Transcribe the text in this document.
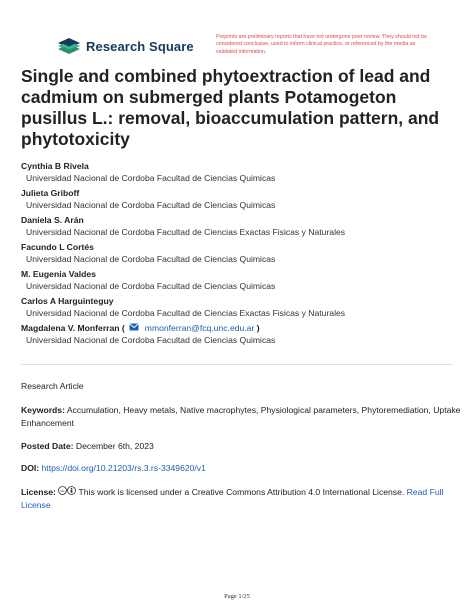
Research Square
Preprints are preliminary reports that have not undergone peer review. They should not be considered conclusive, used to inform clinical practice, or referenced by the media as validated information.
Single and combined phytoextraction of lead and cadmium on submerged plants Potamogeton pusillus L.: removal, bioaccumulation pattern, and phytotoxicity
Cynthia B Rivela
Universidad Nacional de Cordoba Facultad de Ciencias Quimicas
Julieta Griboff
Universidad Nacional de Cordoba Facultad de Ciencias Quimicas
Daniela S. Arán
Universidad Nacional de Cordoba Facultad de Ciencias Exactas Fisicas y Naturales
Facundo L Cortés
Universidad Nacional de Cordoba Facultad de Ciencias Quimicas
M. Eugenia Valdes
Universidad Nacional de Cordoba Facultad de Ciencias Quimicas
Carlos A Harguinteguy
Universidad Nacional de Cordoba Facultad de Ciencias Exactas Fisicas y Naturales
Magdalena V. Monferran ( mmonferran@fcq.unc.edu.ar )
Universidad Nacional de Cordoba Facultad de Ciencias Quimicas
Research Article
Keywords: Accumulation, Heavy metals, Native macrophytes, Physiological parameters, Phytoremediation, Uptake Enhancement
Posted Date: December 6th, 2023
DOI: https://doi.org/10.21203/rs.3.rs-3349620/v1
License: cc This work is licensed under a Creative Commons Attribution 4.0 International License. Read Full License
Page 1/25
